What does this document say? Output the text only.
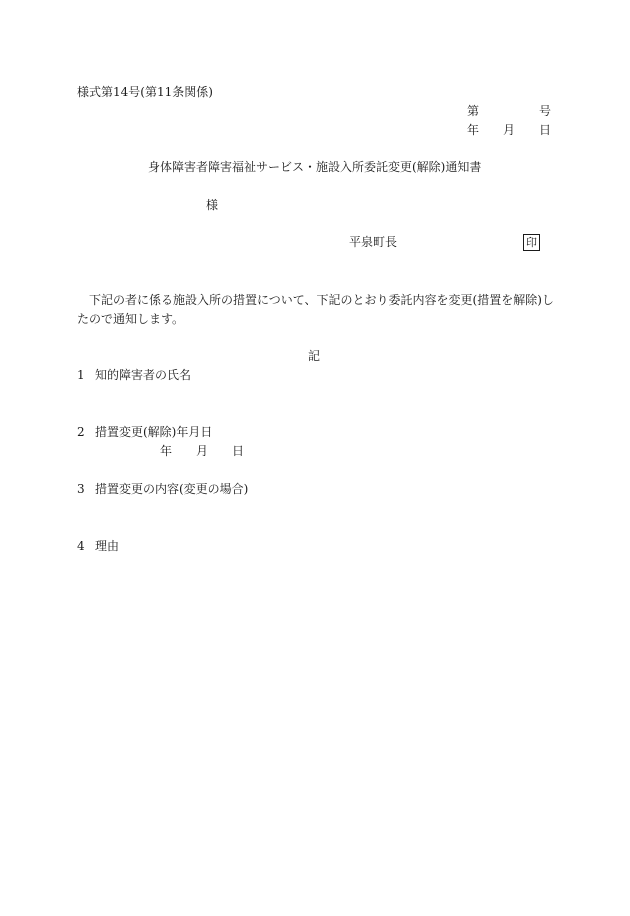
様式第14号(第11条関係)
第	号
年 月 日
身体障害者障害福祉サービス・施設入所委託変更(解除)通知書
様
平泉町長	印
下記の者に係る施設入所の措置について、下記のとおり委託内容を変更(措置を解除)し
たので通知します。
記
1 知的障害者の氏名
2 措置変更(解除)年月日
年 月 日
3 措置変更の内容(変更の場合)
4 理由
